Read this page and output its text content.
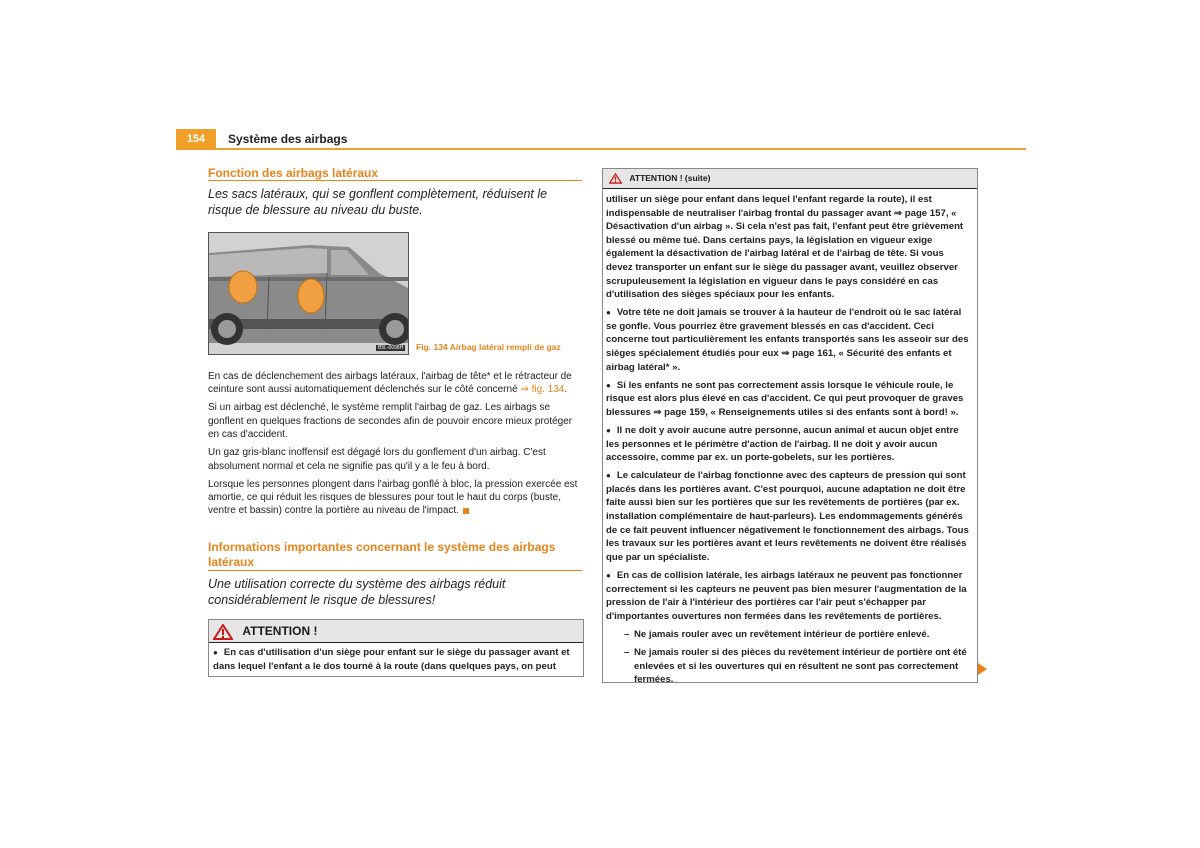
154	Système des airbags
Fonction des airbags latéraux
Les sacs latéraux, qui se gonflent complètement, réduisent le risque de blessure au niveau du buste.
B5L-0098H Fig. 134 Airbag latéral rempli de gaz

En cas de déclenchement des airbags latéraux, l'airbag de tête* et le rétracteur de ceinture sont aussi automatiquement déclenchés sur le côté concerné ⇒ fig. 134.

Si un airbag est déclenché, le système remplit l'airbag de gaz. Les airbags se gonflent en quelques fractions de secondes afin de pouvoir encore mieux protéger en cas d'accident.

Un gaz gris-blanc inoffensif est dégagé lors du gonflement d'un airbag. C'est absolument normal et cela ne signifie pas qu'il y a le feu à bord.

Lorsque les personnes plongent dans l'airbag gonflé à bloc, la pression exercée est amortie, ce qui réduit les risques de blessures pour tout le haut du corps (buste, ventre et bassin) contre la portière au niveau de l'impact.

Informations importantes concernant le système des airbags latéraux
Une utilisation correcte du système des airbags réduit considérablement le risque de blessures!
ATTENTION !
● En cas d'utilisation d'un siège pour enfant sur le siège du passager avant et dans lequel l'enfant a le dos tourné à la route (dans quelques pays, on peut
ATTENTION ! (suite)

utiliser un siège pour enfant dans lequel l'enfant regarde la route), il est indispensable de neutraliser l'airbag frontal du passager avant ⇒ page 157, « Désactivation d'un airbag ». Si cela n'est pas fait, l'enfant peut être grièvement blessé ou même tué. Dans certains pays, la législation en vigueur exige également la désactivation de l'airbag latéral et de l'airbag de tête. Si vous devez transporter un enfant sur le siège du passager avant, veuillez observer scrupuleusement la législation en vigueur dans le pays considéré en cas d'utilisation des sièges spéciaux pour les enfants.

● Votre tête ne doit jamais se trouver à la hauteur de l'endroit où le sac latéral se gonfle. Vous pourriez être gravement blessés en cas d'accident. Ceci concerne tout particulièrement les enfants transportés sans les asseoir sur des sièges spécialement étudiés pour eux ⇒ page 161, « Sécurité des enfants et airbag latéral* ».

● Si les enfants ne sont pas correctement assis lorsque le véhicule roule, le risque est alors plus élevé en cas d'accident. Ce qui peut provoquer de graves blessures ⇒ page 159, « Renseignements utiles si des enfants sont à bord! ».

● Il ne doit y avoir aucune autre personne, aucun animal et aucun objet entre les personnes et le périmètre d'action de l'airbag. Il ne doit y avoir aucun accessoire, comme par ex. un porte-gobelets, sur les portières.

● Le calculateur de l'airbag fonctionne avec des capteurs de pression qui sont placés dans les portières avant. C'est pourquoi, aucune adaptation ne doit être faite aussi bien sur les portières que sur les revêtements de portières (par ex. installation complémentaire de haut-parleurs). Les endommagements générés de ce fait peuvent influencer négativement le fonctionnement des airbags. Tous les travaux sur les portières avant et leurs revêtements ne doivent être réalisés que par un spécialiste.

● En cas de collision latérale, les airbags latéraux ne peuvent pas fonctionner correctement si les capteurs ne peuvent pas bien mesurer l'augmentation de la pression de l'air à l'intérieur des portières car l'air peut s'échapper par d'importantes ouvertures non fermées dans les revêtements de portières.

– Ne jamais rouler avec un revêtement intérieur de portière enlevé.

– Ne jamais rouler si des pièces du revêtement intérieur de portière ont été enlevées et si les ouvertures qui en résultent ne sont pas correctement fermées.
